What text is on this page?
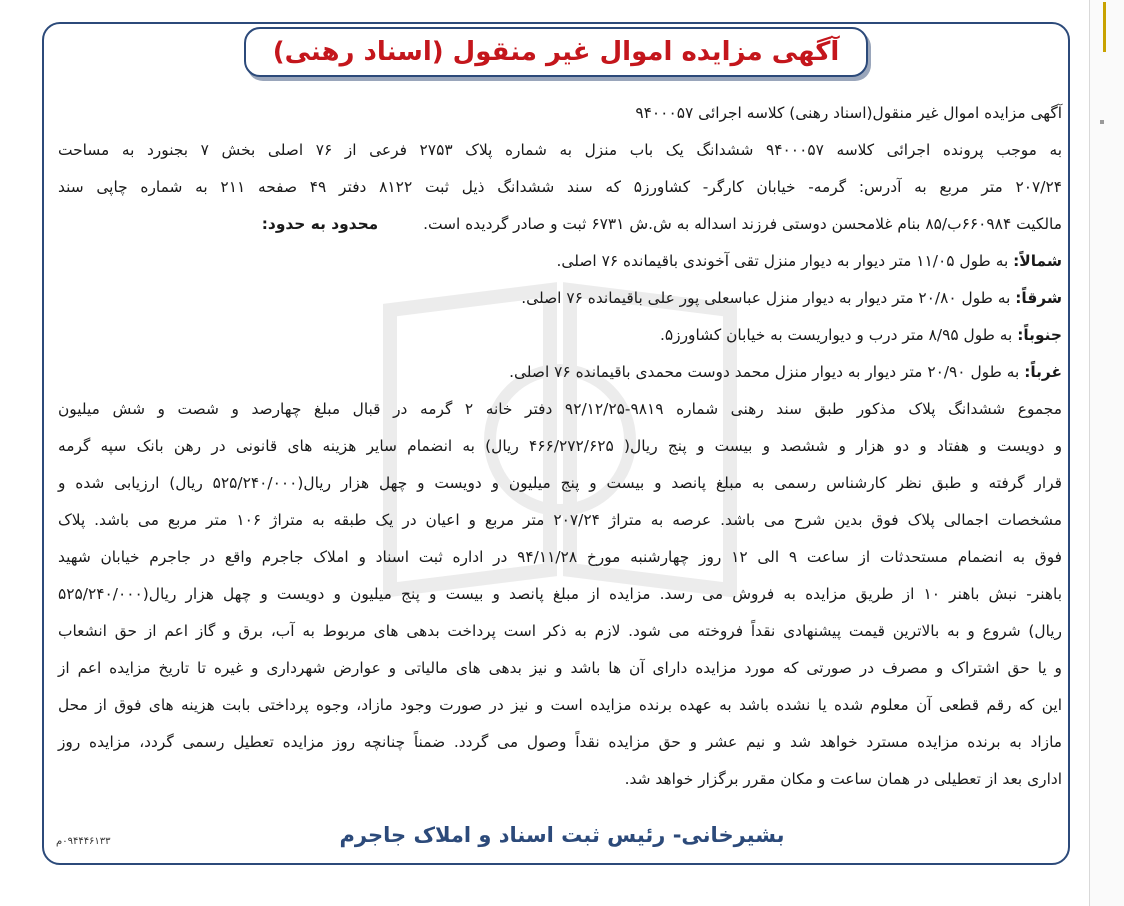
آگهی مزایده اموال غیر منقول (اسناد رهنی)
آگهی مزایده اموال غیر منقول(اسناد رهنی) کلاسه اجرائی ۹۴۰۰۰۵۷
به موجب پرونده اجرائی کلاسه ۹۴۰۰۰۵۷ ششدانگ یک باب منزل به شماره پلاک ۲۷۵۳ فرعی از ۷۶ اصلی بخش ۷ بجنورد به مساحت
۲۰۷/۲۴ متر مربع به آدرس: گرمه- خیابان کارگر- کشاورز۵ که سند ششدانگ ذیل ثبت ۸۱۲۲ دفتر ۴۹ صفحه ۲۱۱ به شماره چاپی سند
مالکیت ۶۶۰۹۸۴ب/۸۵ بنام غلامحسن دوستی فرزند اسداله به ش.ش ۶۷۳۱ ثبت و صادر گردیده است. محدود به حدود:
شمالاً: به طول ۱۱/۰۵ متر دیوار به دیوار منزل تقی آخوندی باقیمانده ۷۶ اصلی.
شرقاً: به طول ۲۰/۸۰ متر دیوار به دیوار منزل عباسعلی پور علی باقیمانده ۷۶ اصلی.
جنوباً: به طول ۸/۹۵ متر درب و دیواریست به خیابان کشاورز۵.
غرباً: به طول ۲۰/۹۰ متر دیوار به دیوار منزل محمد دوست محمدی باقیمانده ۷۶ اصلی.
مجموع ششدانگ پلاک مذکور طبق سند رهنی شماره ۹۸۱۹-۹۲/۱۲/۲۵ دفتر خانه ۲ گرمه در قبال مبلغ چهارصد و شصت و شش میلیون
و دویست و هفتاد و دو هزار و ششصد و بیست و پنج ریال( ۴۶۶/۲۷۲/۶۲۵ ریال) به انضمام سایر هزینه های قانونی در رهن بانک سپه گرمه
قرار گرفته و طبق نظر کارشناس رسمی به مبلغ پانصد و بیست و پنج میلیون و دویست و چهل هزار ریال(۵۲۵/۲۴۰/۰۰۰ ریال) ارزیابی شده و
مشخصات اجمالی پلاک فوق بدین شرح می باشد. عرصه به متراژ ۲۰۷/۲۴ متر مربع و اعیان در یک طبقه به متراژ ۱۰۶ متر مربع می باشد. پلاک
فوق به انضمام مستحدثات از ساعت ۹ الی ۱۲ روز چهارشنبه مورخ ۹۴/۱۱/۲۸ در اداره ثبت اسناد و املاک جاجرم واقع در جاجرم خیابان شهید
باهنر- نبش باهنر ۱۰ از طریق مزایده به فروش می رسد. مزایده از مبلغ پانصد و بیست و پنج میلیون و دویست و چهل هزار ریال(۵۲۵/۲۴۰/۰۰۰
ریال) شروع و به بالاترین قیمت پیشنهادی نقداً فروخته می شود. لازم به ذکر است پرداخت بدهی های مربوط به آب، برق و گاز اعم از حق انشعاب
و یا حق اشتراک و مصرف در صورتی که مورد مزایده دارای آن ها باشد و نیز بدهی های مالیاتی و عوارض شهرداری و غیره تا تاریخ مزایده اعم از
این که رقم قطعی آن معلوم شده یا نشده باشد به عهده برنده مزایده است و نیز در صورت وجود مازاد، وجوه پرداختی بابت هزینه های فوق از محل
مازاد به برنده مزایده مسترد خواهد شد و نیم عشر و حق مزایده نقداً وصول می گردد. ضمناً چنانچه روز مزایده تعطیل رسمی گردد، مزایده روز
اداری بعد از تعطیلی در همان ساعت و مکان مقرر برگزار خواهد شد.
بشیرخانی- رئیس ثبت اسناد و املاک جاجرم
۰۹۴۴۴۶۱۳۳م
